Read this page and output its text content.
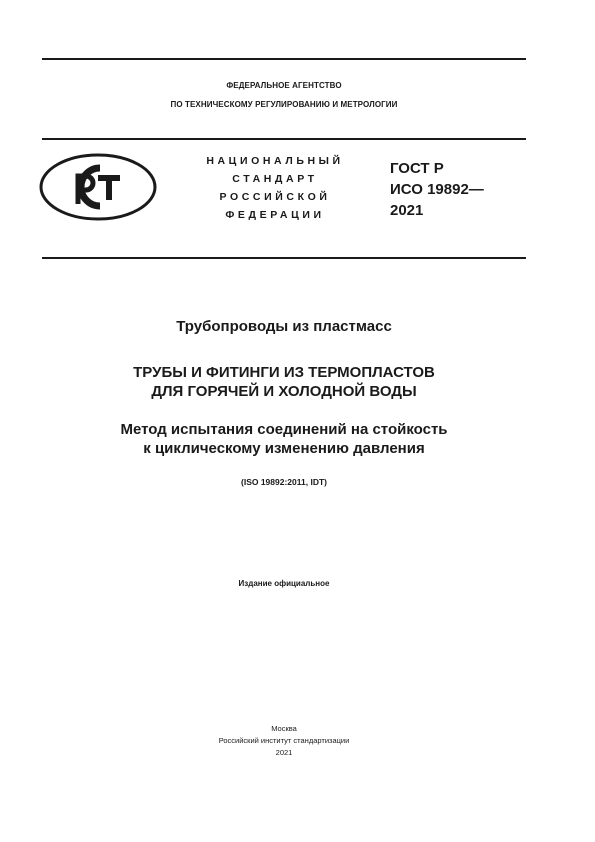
ФЕДЕРАЛЬНОЕ АГЕНТСТВО
ПО ТЕХНИЧЕСКОМУ РЕГУЛИРОВАНИЮ И МЕТРОЛОГИИ
НАЦИОНАЛЬНЫЙ
СТАНДАРТ
РОССИЙСКОЙ
ФЕДЕРАЦИИ
ГОСТ Р
ИСО 19892—
2021
Трубопроводы из пластмасс
ТРУБЫ И ФИТИНГИ ИЗ ТЕРМОПЛАСТОВ
ДЛЯ ГОРЯЧЕЙ И ХОЛОДНОЙ ВОДЫ
Метод испытания соединений на стойкость
к циклическому изменению давления
(ISO 19892:2011, IDT)
Издание официальное
Москва
Российский институт стандартизации
2021
